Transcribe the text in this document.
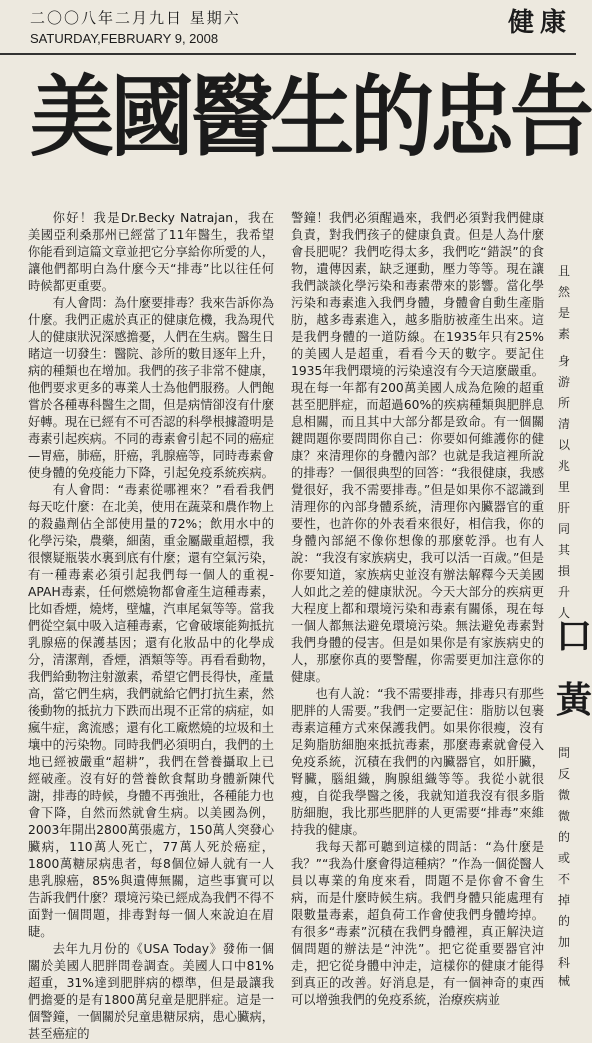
二〇〇八年二月九日 星期六
SATURDAY,FEBRUARY 9, 2008
健康
美國醫生的忠告

你好！我是Dr.Becky Natrajan，我在美國亞利桑那州已經當了11年醫生，我希望你能看到這篇文章並把它分享給你所愛的人，讓他們都明白為什麼今天“排毒”比以往任何時候都更重要。

有人會問：為什麼要排毒？我來告訴你為什麼。我們正處於真正的健康危機，我為現代人的健康狀況深感擔憂，人們在生病。醫生日睹這一切發生：醫院、診所的數目逐年上升，病的種類也在增加。我們的孩子非常不健康，他們要求更多的專業人士為他們服務。人們飽嘗於各種專科醫生之間，但是病情卻沒有什麼好轉。現在已經有不可否認的科學根據證明是毒素引起疾病。不同的毒素會引起不同的癌症—胃癌，肺癌，肝癌，乳腺癌等，同時毒素會使身體的免疫能力下降，引起免疫系統疾病。

有人會問：“毒素從哪裡來？”看看我們每天吃什麼：在北美，使用在蔬菜和農作物上的殺蟲劑佔全部使用量的72%；飲用水中的化學污染，農藥，細菌，重金屬嚴重超標，我很懷疑瓶裝水裏到底有什麼；還有空氣污染，有一種毒素必須引起我們每一個人的重視-APAH毒素，任何燃燒物都會產生這種毒素，比如香煙，燒烤，壁爐，汽車尾氣等等。當我們從空氣中吸入這種毒素，它會破壞能夠抵抗乳腺癌的保護基因；還有化妝品中的化學成分，清潔劑，香煙，酒類等等。再看看動物，我們給動物注射激素，希望它們長得快，產量高，當它們生病，我們就給它們打抗生素，然後動物的抵抗力下跌而出現不正常的病症，如瘋牛症，禽流感；還有化工廠燃燒的垃圾和土壤中的污染物。同時我們必須明白，我們的土地已經被嚴重“超耕”，我們在營養攝取上已經破產。沒有好的營養飲食幫助身體新陳代謝，排毒的時候，身體不再強壯，各種能力也會下降，自然而然就會生病。以美國為例，2003年開出2800萬張處方，150萬人突發心臟病，110萬人死亡，77萬人死於癌症，1800萬糖尿病患者，每8個位婦人就有一人患乳腺癌，85%與遺傳無關，這些事實可以告訴我們什麼？環境污染已經成為我們不得不面對一個問題，排毒對每一個人來說迫在眉睫。

去年九月份的《USA Today》發佈一個關於美國人肥胖問卷調查。美國人口中81%超重，31%達到肥胖病的標準，但是最讓我們擔憂的是有1800萬兒童是肥胖症。這是一個警鐘，一個關於兒童患糖尿病，患心臟病，甚至癌症的

警鐘！我們必須醒過來，我們必須對我們健康負責，對我們孩子的健康負責。但是人為什麼會長肥呢？我們吃得太多，我們吃“錯誤”的食物，遺傳因素，缺乏運動，壓力等等。現在讓我們談談化學污染和毒素帶來的影響。當化學污染和毒素進入我們身體，身體會自動生產脂肪，越多毒素進入，越多脂肪被產生出來。這是我們身體的一道防線。在1935年只有25%的美國人是超重，看看今天的數字。要記住1935年我們環境的污染遠沒有今天這麼嚴重。現在每一年都有200萬美國人成為危險的超重甚至肥胖症，而超過60%的疾病種類與肥胖息息相關，而且其中大部分都是致命。有一個關鍵問題你要問問你自己：你要如何維護你的健康？來清理你的身體內部？也就是我這裡所說的排毒？一個很典型的回答：“我很健康，我感覺很好，我不需要排毒。”但是如果你不認識到清理你的內部身體系統，清理你內臟器官的重要性，也許你的外表看來很好，相信我，你的身體內部絕不像你想像的那麼乾淨。也有人說：“我沒有家族病史，我可以活一百歲。”但是你要知道，家族病史並沒有辦法解釋今天美國人如此之差的健康狀況。今天大部分的疾病更大程度上都和環境污染和毒素有關係，現在每一個人都無法避免環境污染。無法避免毒素對我們身體的侵害。但是如果你是有家族病史的人，那麼你真的要警醒，你需要更加注意你的健康。

也有人說：“我不需要排毒，排毒只有那些肥胖的人需要。”我們一定要記住：脂肪以包裹毒素這種方式來保護我們。如果你很瘦，沒有足夠脂肪細胞來抵抗毒素，那麼毒素就會侵入免疫系統，沉積在我們的內臟器官，如肝臟，腎臟，腦組織，胸腺組織等等。我從小就很瘦，自從我學醫之後，我就知道我沒有很多脂肪細胞，我比那些肥胖的人更需要“排毒”來維持我的健康。

我每天都可聽到這樣的問話：“為什麼是我？”“我為什麼會得這種病？”作為一個從醫人員以專業的角度來看，問題不是你會不會生病，而是什麼時候生病。我們身體只能處理有限數量毒素，超負荷工作會使我們身體垮掉。有很多“毒素”沉積在我們身體裡，真正解決這個問題的辦法是“沖洗”。把它從重要器官沖走，把它從身體中沖走，這樣你的健康才能得到真正的改善。好消息是，有一個神奇的東西可以增強我們的免疫系統，治療疾病並

且
然
是
素
身
游
所
清
以
兆
里
肝
同
其
損
升
人
口
黃
問
反
微
微
的
或
不
掉
的
加
科
械
